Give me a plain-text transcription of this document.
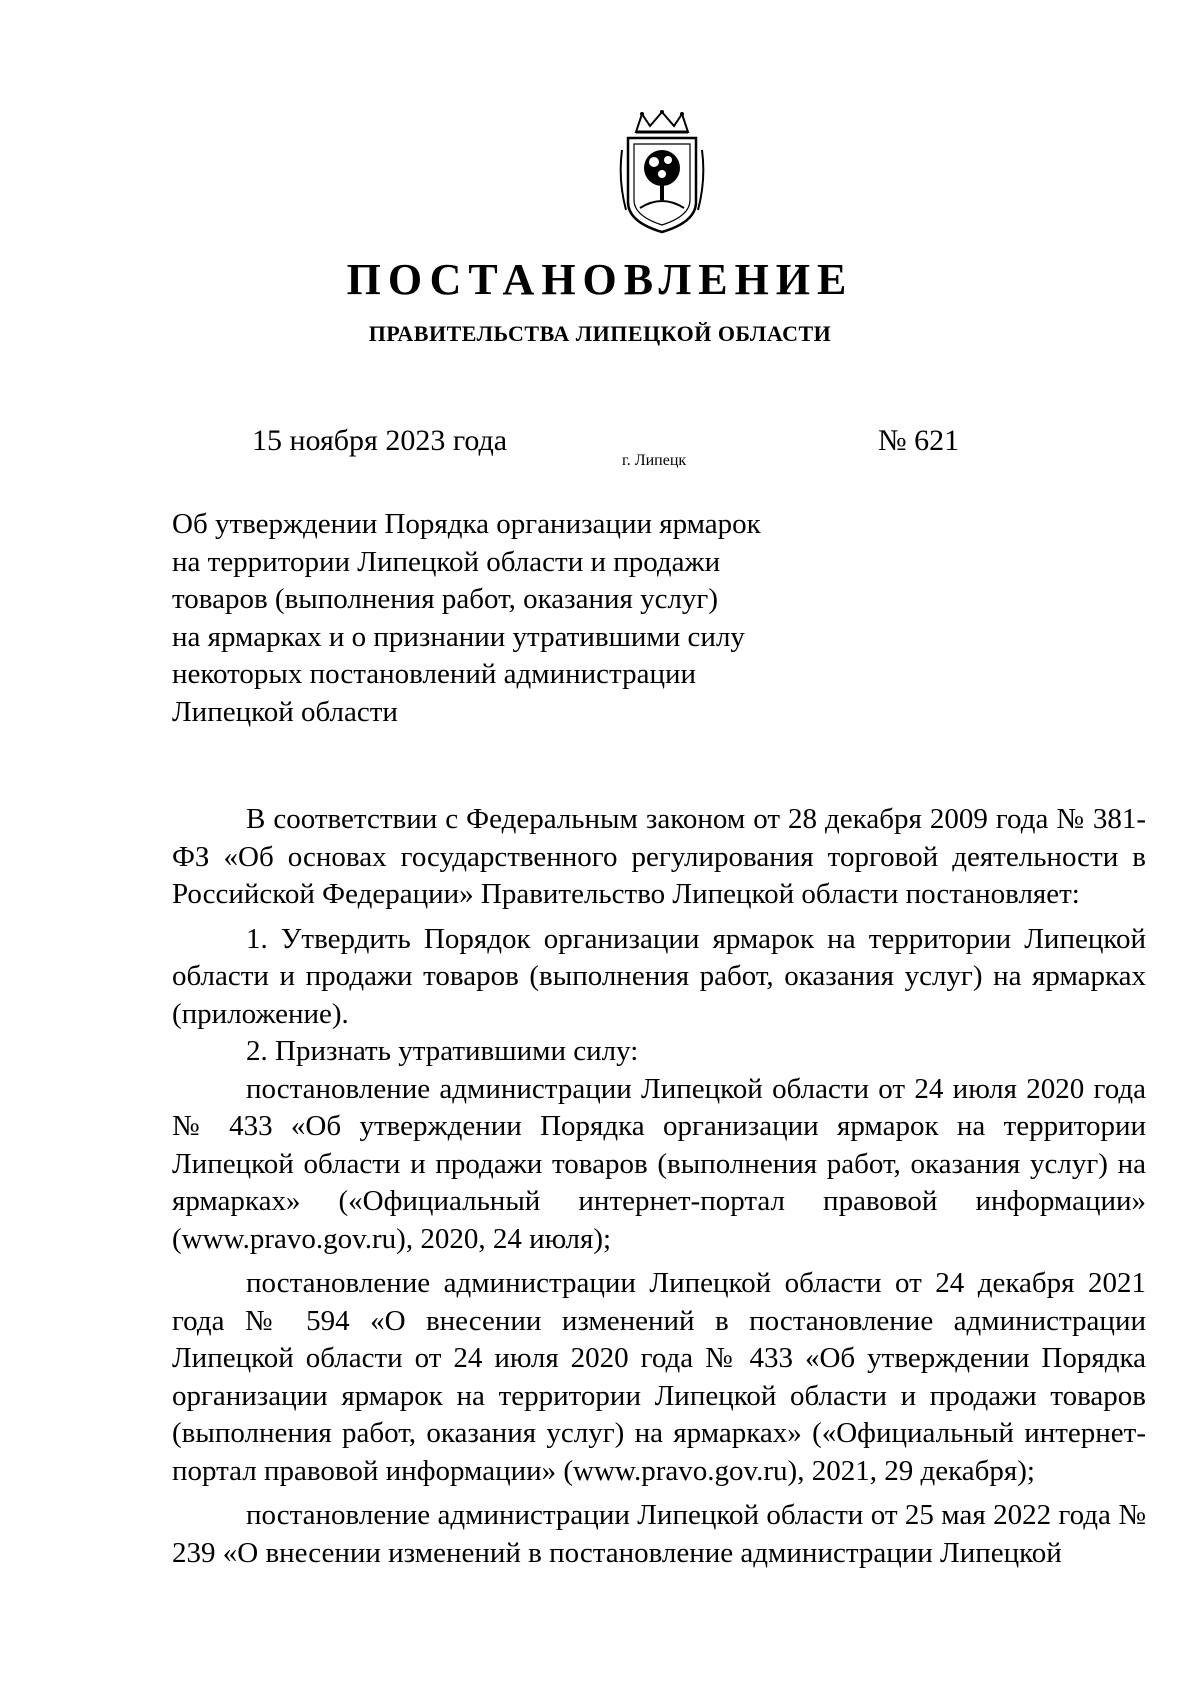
ПОСТАНОВЛЕНИЕ
ПРАВИТЕЛЬСТВА ЛИПЕЦКОЙ ОБЛАСТИ
15 ноября 2023 года
г. Липецк
№ 621
Об утверждении Порядка организации ярмарок
на территории Липецкой области и продажи
товаров (выполнения работ, оказания услуг)
на ярмарках и о признании утратившими силу
некоторых постановлений администрации
Липецкой области

В соответствии с Федеральным законом от 28 декабря 2009 года № 381-ФЗ «Об основах государственного регулирования торговой деятельности в Российской Федерации» Правительство Липецкой области постановляет:

1. Утвердить Порядок организации ярмарок на территории Липецкой области и продажи товаров (выполнения работ, оказания услуг) на ярмарках (приложение).

2. Признать утратившими силу:

постановление администрации Липецкой области от 24 июля 2020 года № 433 «Об утверждении Порядка организации ярмарок на территории Липецкой области и продажи товаров (выполнения работ, оказания услуг) на ярмарках» («Официальный интернет-портал правовой информации» (www.pravo.gov.ru), 2020, 24 июля);

постановление администрации Липецкой области от 24 декабря 2021 года № 594 «О внесении изменений в постановление администрации Липецкой области от 24 июля 2020 года № 433 «Об утверждении Порядка организации ярмарок на территории Липецкой области и продажи товаров (выполнения работ, оказания услуг) на ярмарках» («Официальный интернет-портал правовой информации» (www.pravo.gov.ru), 2021, 29 декабря);

постановление администрации Липецкой области от 25 мая 2022 года № 239 «О внесении изменений в постановление администрации Липецкой
